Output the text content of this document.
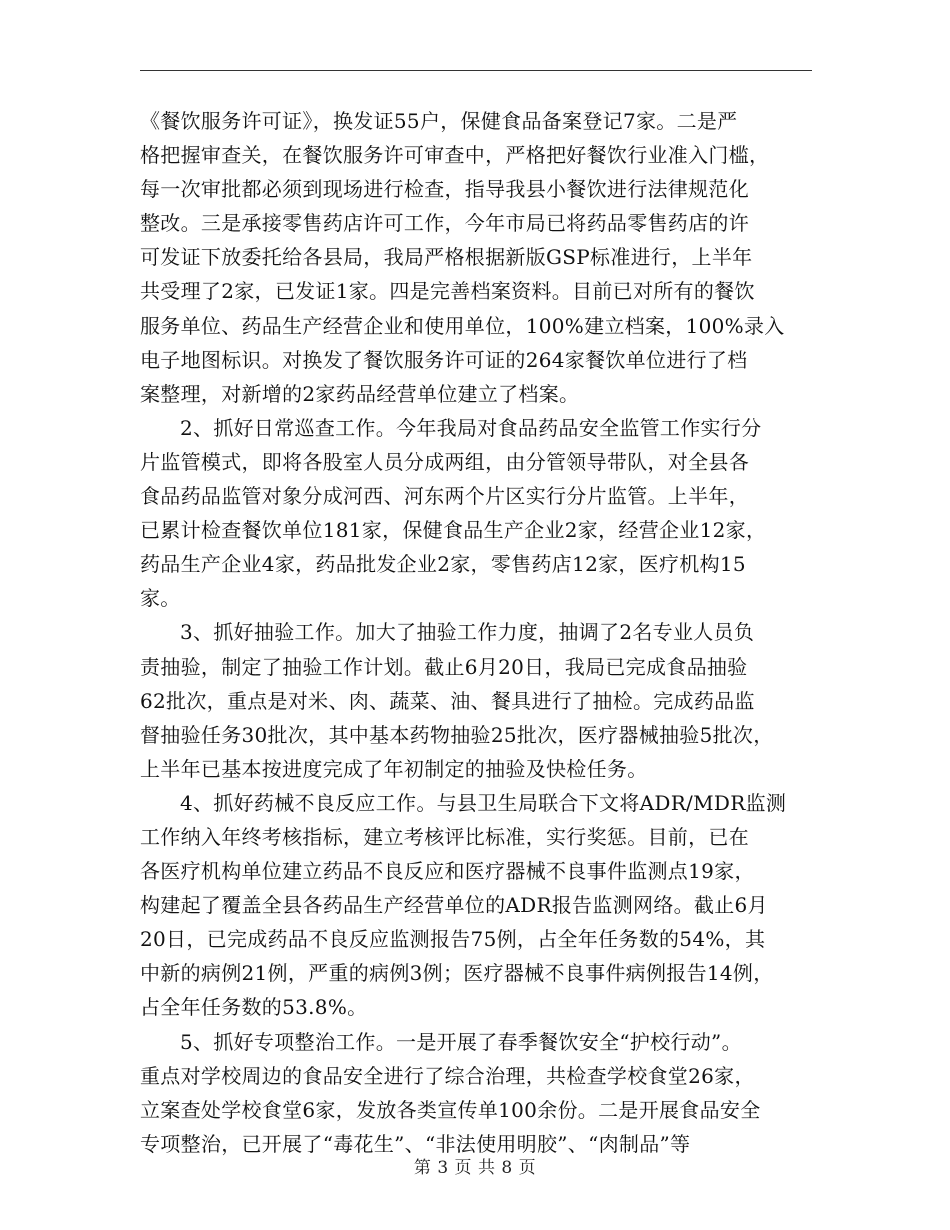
《餐饮服务许可证》，换发证55户，保健食品备案登记7家。二是严
格把握审查关，在餐饮服务许可审查中，严格把好餐饮行业准入门槛，
每一次审批都必须到现场进行检查，指导我县小餐饮进行法律规范化
整改。三是承接零售药店许可工作，今年市局已将药品零售药店的许
可发证下放委托给各县局，我局严格根据新版GSP标准进行，上半年
共受理了2家，已发证1家。四是完善档案资料。目前已对所有的餐饮
服务单位、药品生产经营企业和使用单位，100%建立档案，100%录入
电子地图标识。对换发了餐饮服务许可证的264家餐饮单位进行了档
案整理，对新增的2家药品经营单位建立了档案。
2、抓好日常巡查工作。今年我局对食品药品安全监管工作实行分
片监管模式，即将各股室人员分成两组，由分管领导带队，对全县各
食品药品监管对象分成河西、河东两个片区实行分片监管。上半年，
已累计检查餐饮单位181家，保健食品生产企业2家，经营企业12家，
药品生产企业4家，药品批发企业2家，零售药店12家，医疗机构15
家。
3、抓好抽验工作。加大了抽验工作力度，抽调了2名专业人员负
责抽验，制定了抽验工作计划。截止6月20日，我局已完成食品抽验
62批次，重点是对米、肉、蔬菜、油、餐具进行了抽检。完成药品监
督抽验任务30批次，其中基本药物抽验25批次，医疗器械抽验5批次，
上半年已基本按进度完成了年初制定的抽验及快检任务。
4、抓好药械不良反应工作。与县卫生局联合下文将ADR/MDR监测
工作纳入年终考核指标，建立考核评比标准，实行奖惩。目前，已在
各医疗机构单位建立药品不良反应和医疗器械不良事件监测点19家，
构建起了覆盖全县各药品生产经营单位的ADR报告监测网络。截止6月
20日，已完成药品不良反应监测报告75例，占全年任务数的54%，其
中新的病例21例，严重的病例3例；医疗器械不良事件病例报告14例，
占全年任务数的53.8%。
5、抓好专项整治工作。一是开展了春季餐饮安全“护校行动”。
重点对学校周边的食品安全进行了综合治理，共检查学校食堂26家，
立案查处学校食堂6家，发放各类宣传单100余份。二是开展食品安全
专项整治，已开展了“毒花生”、“非法使用明胶”、“肉制品”等
第 3 页 共 8 页
